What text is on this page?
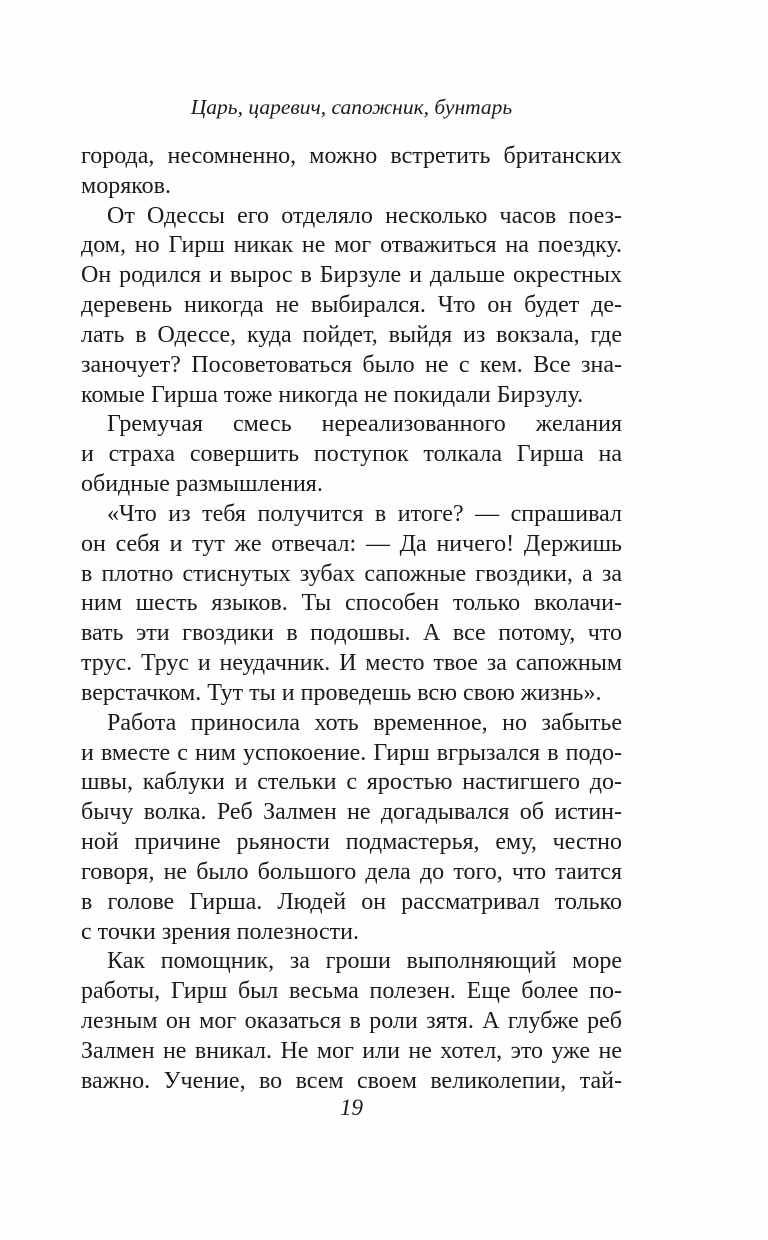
Царь, царевич, сапожник, бунтарь
города, несомненно, можно встретить британских
моряков.
От Одессы его отделяло несколько часов поез-
дом, но Гирш никак не мог отважиться на поездку.
Он родился и вырос в Бирзуле и дальше окрестных
деревень никогда не выбирался. Что он будет де-
лать в Одессе, куда пойдет, выйдя из вокзала, где
заночует? Посоветоваться было не с кем. Все зна-
комые Гирша тоже никогда не покидали Бирзулу.
Гремучая смесь нереализованного желания
и страха совершить поступок толкала Гирша на
обидные размышления.
«Что из тебя получится в итоге? — спрашивал
он себя и тут же отвечал: — Да ничего! Держишь
в плотно стиснутых зубах сапожные гвоздики, а за
ним шесть языков. Ты способен только вколачи-
вать эти гвоздики в подошвы. А все потому, что
трус. Трус и неудачник. И место твое за сапожным
верстачком. Тут ты и проведешь всю свою жизнь».
Работа приносила хоть временное, но забытье
и вместе с ним успокоение. Гирш вгрызался в подо-
швы, каблуки и стельки с яростью настигшего до-
бычу волка. Реб Залмен не догадывался об истин-
ной причине рьяности подмастерья, ему, честно
говоря, не было большого дела до того, что таится
в голове Гирша. Людей он рассматривал только
с точки зрения полезности.
Как помощник, за гроши выполняющий море
работы, Гирш был весьма полезен. Еще более по-
лезным он мог оказаться в роли зятя. А глубже реб
Залмен не вникал. Не мог или не хотел, это уже не
важно. Учение, во всем своем великолепии, тай-
19
